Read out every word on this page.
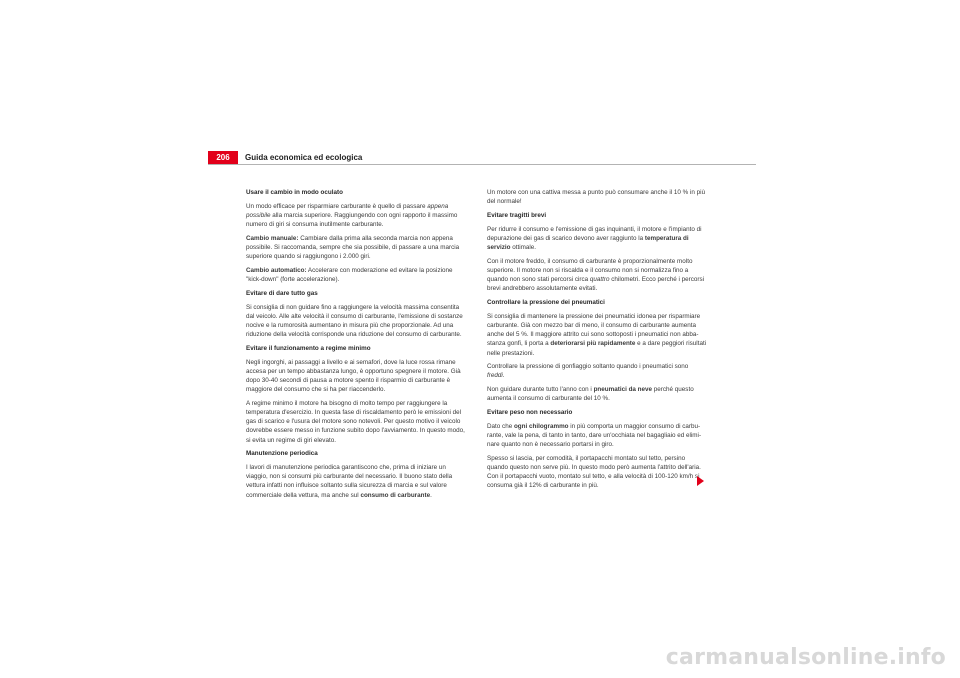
206	Guida economica ed ecologica

Usare il cambio in modo oculato

Un modo efficace per risparmiare carburante è quello di passare appena possibile alla marcia superiore. Raggiungendo con ogni rapporto il massimo numero di giri si consuma inutilmente carburante.

Cambio manuale: Cambiare dalla prima alla seconda marcia non appena possibile. Si raccomanda, sempre che sia possibile, di passare a una marcia superiore quando si raggiungono i 2.000 giri.

Cambio automatico: Accelerare con moderazione ed evitare la posizione "kick-down" (forte accelerazione).

Evitare di dare tutto gas

Si consiglia di non guidare fino a raggiungere la velocità massima consentita dal veicolo. Alle alte velocità il consumo di carburante, l'emissione di sostanze nocive e la rumorosità aumentano in misura più che proporzionale. Ad una riduzione della velocità corrisponde una riduzione del consumo di carburante.

Evitare il funzionamento a regime minimo

Negli ingorghi, ai passaggi a livello e ai semafori, dove la luce rossa rimane accesa per un tempo abbastanza lungo, è opportuno spegnere il motore. Già dopo 30-40 secondi di pausa a motore spento il risparmio di carburante è maggiore del consumo che si ha per riaccenderlo.

A regime minimo il motore ha bisogno di molto tempo per raggiungere la temperatura d'esercizio. In questa fase di riscaldamento però le emissioni del gas di scarico e l'usura del motore sono notevoli. Per questo motivo il veicolo dovrebbe essere messo in funzione subito dopo l'avviamento. In questo modo, si evita un regime di giri elevato.

Manutenzione periodica

I lavori di manutenzione periodica garantiscono che, prima di iniziare un viaggio, non si consumi più carburante del necessario. Il buono stato della vettura infatti non influisce soltanto sulla sicurezza di marcia e sul valore commerciale della vettura, ma anche sul consumo di carburante.

Un motore con una cattiva messa a punto può consumare anche il 10 % in più del normale!

Evitare tragitti brevi

Per ridurre il consumo e l'emissione di gas inquinanti, il motore e l'impianto di depurazione dei gas di scarico devono aver raggiunto la temperatura di servizio ottimale.

Con il motore freddo, il consumo di carburante è proporzionalmente molto superiore. Il motore non si riscalda e il consumo non si normalizza fino a quando non sono stati percorsi circa quattro chilometri. Ecco perché i percorsi brevi andrebbero assolutamente evitati.

Controllare la pressione dei pneumatici

Si consiglia di mantenere la pressione dei pneumatici idonea per risparmiare carburante. Già con mezzo bar di meno, il consumo di carburante aumenta anche del 5 %. Il maggiore attrito cui sono sottoposti i pneumatici non abba-stanza gonfi, li porta a deteriorarsi più rapidamente e a dare peggiori risultati nelle prestazioni.

Controllare la pressione di gonfiaggio soltanto quando i pneumatici sono freddi.

Non guidare durante tutto l'anno con i pneumatici da neve perché questo aumenta il consumo di carburante del 10 %.

Evitare peso non necessario

Dato che ogni chilogrammo in più comporta un maggior consumo di carbu-rante, vale la pena, di tanto in tanto, dare un'occhiata nel bagagliaio ed elimi-nare quanto non è necessario portarsi in giro.

Spesso si lascia, per comodità, il portapacchi montato sul tetto, persino quando questo non serve più. In questo modo però aumenta l'attrito dell'aria. Con il portapacchi vuoto, montato sul tetto, e alla velocità di 100-120 km/h si consuma già il 12% di carburante in più.

carmanualsonline.info
